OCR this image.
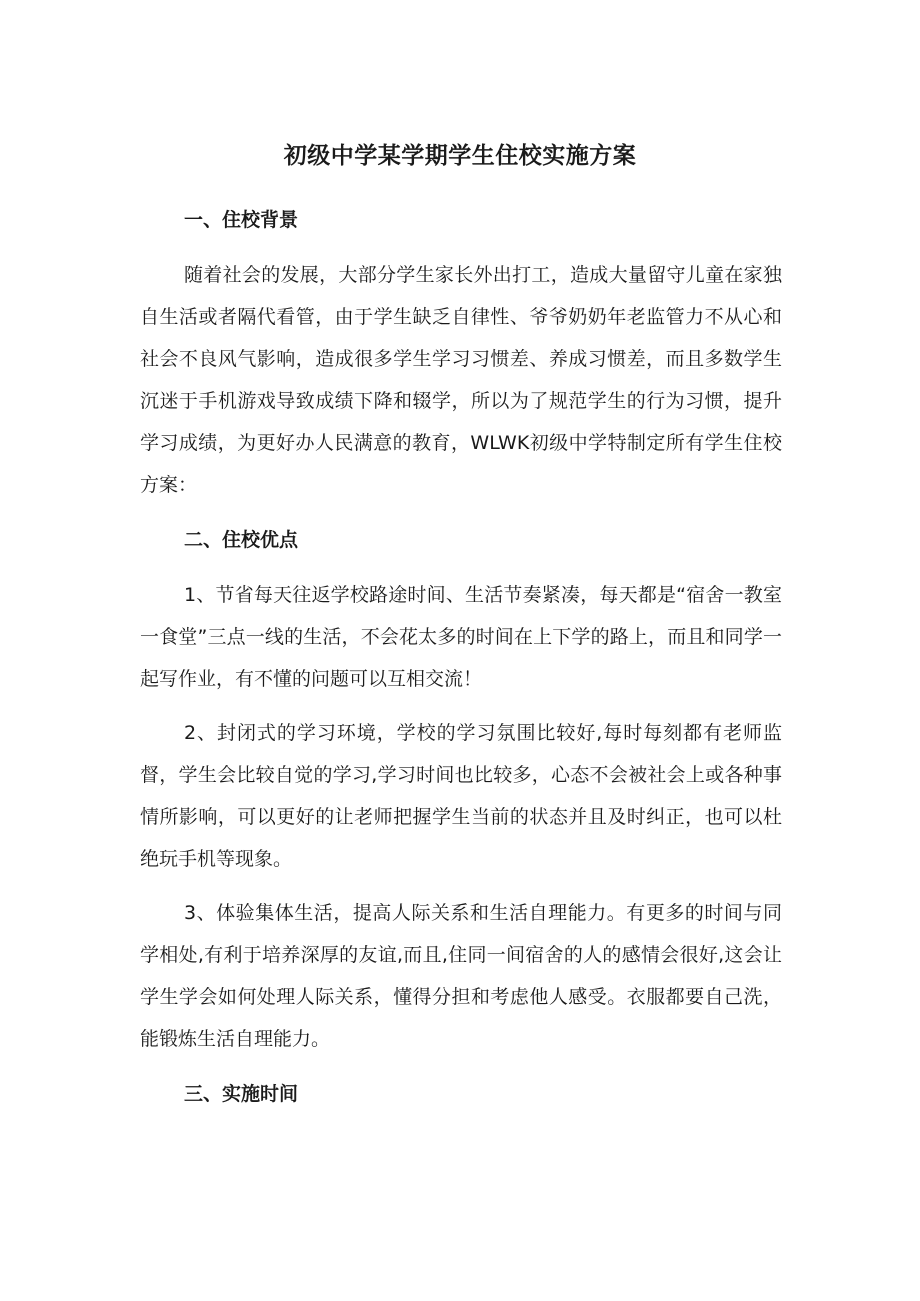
初级中学某学期学生住校实施方案
一、住校背景

随着社会的发展，大部分学生家长外出打工，造成大量留守儿童在家独自生活或者隔代看管，由于学生缺乏自律性、爷爷奶奶年老监管力不从心和社会不良风气影响，造成很多学生学习习惯差、养成习惯差，而且多数学生沉迷于手机游戏导致成绩下降和辍学，所以为了规范学生的行为习惯，提升学习成绩，为更好办人民满意的教育，WLWK初级中学特制定所有学生住校方案：

二、住校优点

1、节省每天往返学校路途时间、生活节奏紧凑，每天都是“宿舍一教室一食堂”三点一线的生活，不会花太多的时间在上下学的路上，而且和同学一起写作业，有不懂的问题可以互相交流！

2、封闭式的学习环境，学校的学习氛围比较好,每时每刻都有老师监督，学生会比较自觉的学习,学习时间也比较多，心态不会被社会上或各种事情所影响，可以更好的让老师把握学生当前的状态并且及时纠正，也可以杜绝玩手机等现象。

3、体验集体生活，提高人际关系和生活自理能力。有更多的时间与同学相处,有利于培养深厚的友谊,而且,住同一间宿舍的人的感情会很好,这会让学生学会如何处理人际关系，懂得分担和考虑他人感受。衣服都要自己洗，能锻炼生活自理能力。

三、实施时间
